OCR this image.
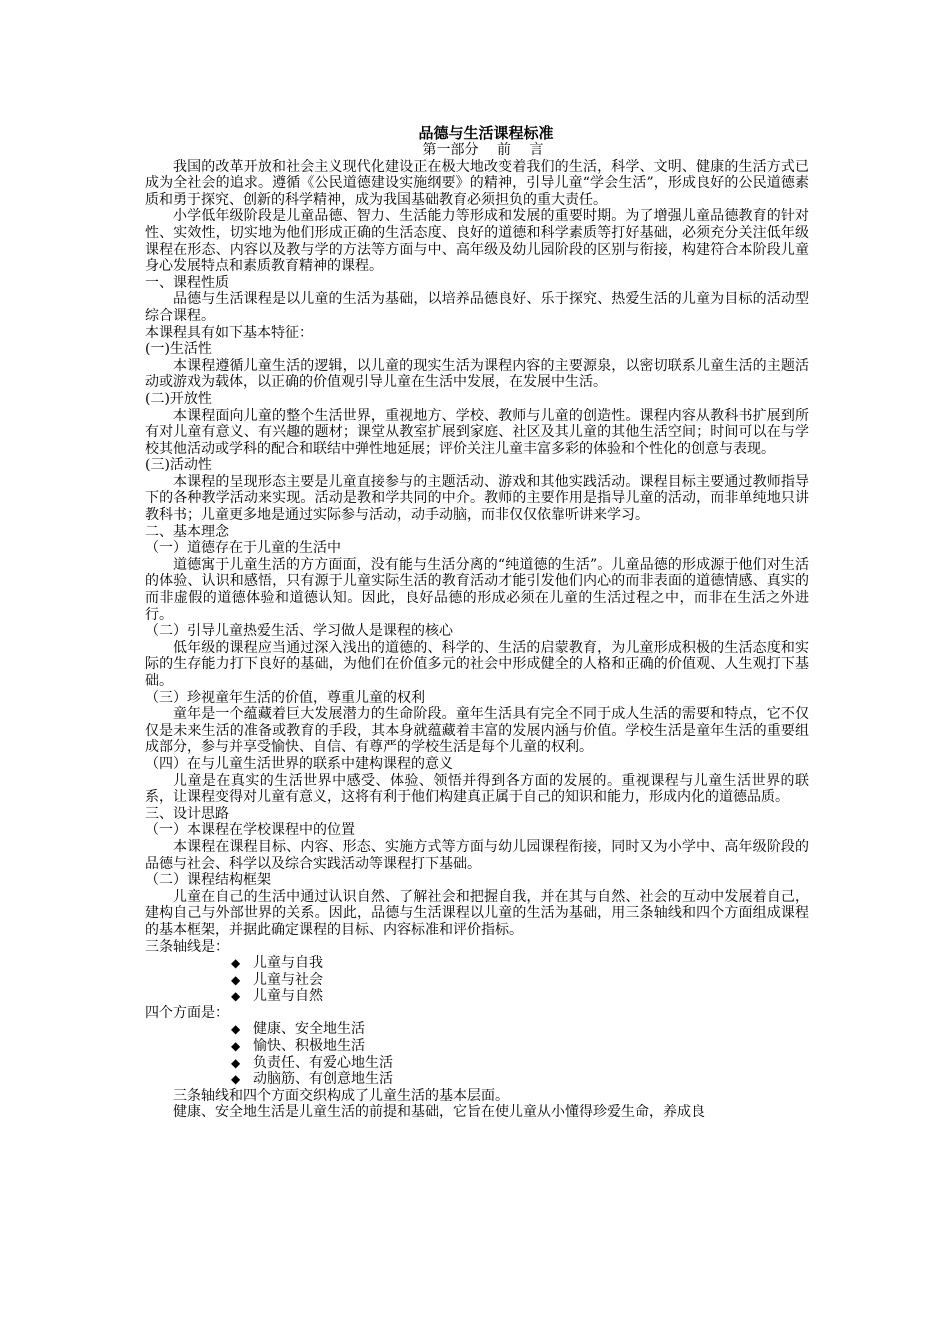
品德与生活课程标准

第一部分 前 言

我国的改革开放和社会主义现代化建设正在极大地改变着我们的生活，科学、文明、健康的生活方式已成为全社会的追求。遵循《公民道德建设实施纲要》的精神，引导儿童“学会生活”，形成良好的公民道德素质和勇于探究、创新的科学精神，成为我国基础教育必须担负的重大责任。

小学低年级阶段是儿童品德、智力、生活能力等形成和发展的重要时期。为了增强儿童品德教育的针对性、实效性，切实地为他们形成正确的生活态度、良好的道德和科学素质等打好基础，必须充分关注低年级课程在形态、内容以及教与学的方法等方面与中、高年级及幼儿园阶段的区别与衔接，构建符合本阶段儿童身心发展特点和素质教育精神的课程。

一、课程性质

品德与生活课程是以儿童的生活为基础，以培养品德良好、乐于探究、热爱生活的儿童为目标的活动型综合课程。

本课程具有如下基本特征：

(一)生活性

本课程遵循儿童生活的逻辑，以儿童的现实生活为课程内容的主要源泉，以密切联系儿童生活的主题活动或游戏为载体，以正确的价值观引导儿童在生活中发展，在发展中生活。

(二)开放性

本课程面向儿童的整个生活世界，重视地方、学校、教师与儿童的创造性。课程内容从教科书扩展到所有对儿童有意义、有兴趣的题材；课堂从教室扩展到家庭、社区及其儿童的其他生活空间；时间可以在与学校其他活动或学科的配合和联结中弹性地延展；评价关注儿童丰富多彩的体验和个性化的创意与表现。

(三)活动性

本课程的呈现形态主要是儿童直接参与的主题活动、游戏和其他实践活动。课程目标主要通过教师指导下的各种教学活动来实现。活动是教和学共同的中介。教师的主要作用是指导儿童的活动，而非单纯地只讲教科书；儿童更多地是通过实际参与活动，动手动脑，而非仅仅依靠听讲来学习。

二、基本理念

（一）道德存在于儿童的生活中

道德寓于儿童生活的方方面面，没有能与生活分离的“纯道德的生活”。儿童品德的形成源于他们对生活的体验、认识和感悟，只有源于儿童实际生活的教育活动才能引发他们内心的而非表面的道德情感、真实的而非虚假的道德体验和道德认知。因此，良好品德的形成必须在儿童的生活过程之中，而非在生活之外进行。

（二）引导儿童热爱生活、学习做人是课程的核心

低年级的课程应当通过深入浅出的道德的、科学的、生活的启蒙教育，为儿童形成积极的生活态度和实际的生存能力打下良好的基础，为他们在价值多元的社会中形成健全的人格和正确的价值观、人生观打下基础。

（三）珍视童年生活的价值，尊重儿童的权利

童年是一个蕴藏着巨大发展潜力的生命阶段。童年生活具有完全不同于成人生活的需要和特点，它不仅仅是未来生活的准备或教育的手段，其本身就蕴藏着丰富的发展内涵与价值。学校生活是童年生活的重要组成部分，参与并享受愉快、自信、有尊严的学校生活是每个儿童的权利。

（四）在与儿童生活世界的联系中建构课程的意义

儿童是在真实的生活世界中感受、体验、领悟并得到各方面的发展的。重视课程与儿童生活世界的联系，让课程变得对儿童有意义，这将有利于他们构建真正属于自己的知识和能力，形成内化的道德品质。

三、设计思路

（一）本课程在学校课程中的位置

本课程在课程目标、内容、形态、实施方式等方面与幼儿园课程衔接，同时又为小学中、高年级阶段的品德与社会、科学以及综合实践活动等课程打下基础。

（二）课程结构框架

儿童在自己的生活中通过认识自然、了解社会和把握自我，并在其与自然、社会的互动中发展着自己，建构自己与外部世界的关系。因此，品德与生活课程以儿童的生活为基础，用三条轴线和四个方面组成课程的基本框架，并据此确定课程的目标、内容标准和评价指标。

三条轴线是：

◆ 儿童与自我
◆ 儿童与社会
◆ 儿童与自然

四个方面是：

◆ 健康、安全地生活
◆ 愉快、积极地生活
◆ 负责任、有爱心地生活
◆ 动脑筋、有创意地生活

三条轴线和四个方面交织构成了儿童生活的基本层面。

健康、安全地生活是儿童生活的前提和基础，它旨在使儿童从小懂得珍爱生命，养成良
